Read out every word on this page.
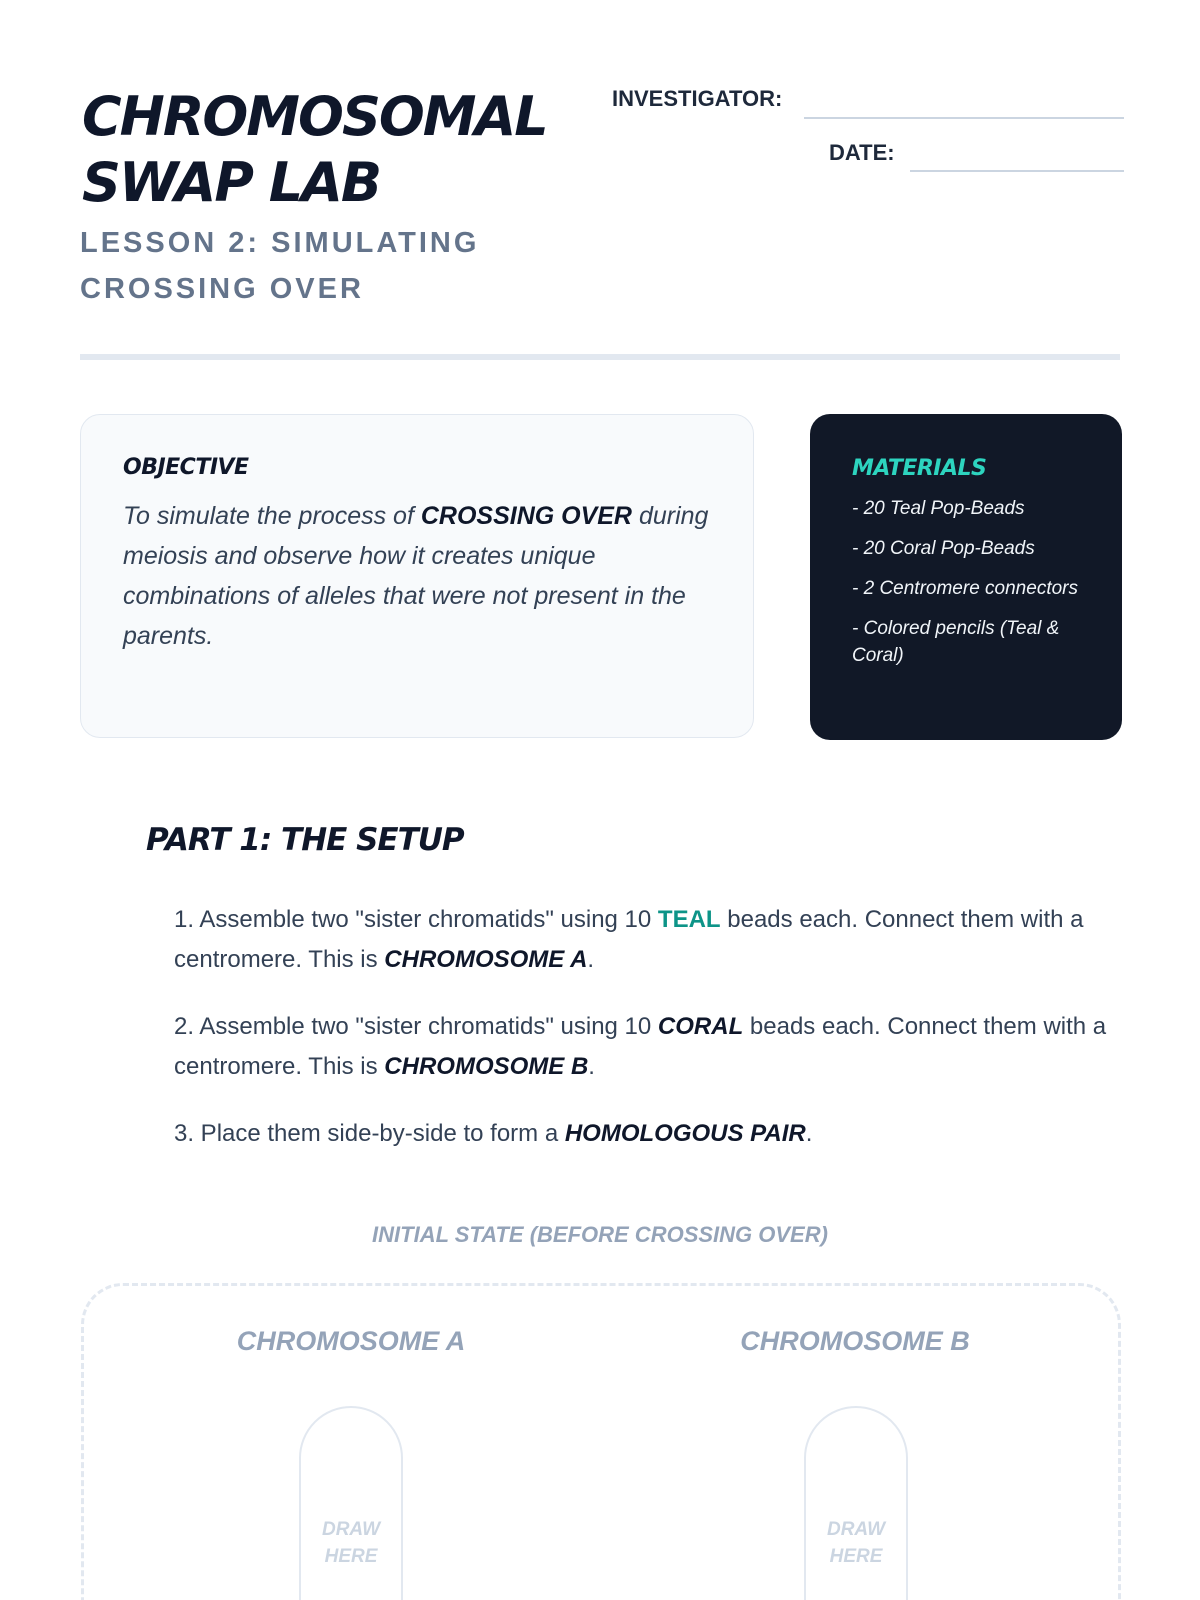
CHROMOSOMAL
SWAP LAB
LESSON 2: SIMULATING
CROSSING OVER
INVESTIGATOR:
DATE:
OBJECTIVE

To simulate the process of CROSSING OVER during meiosis and observe how it creates unique combinations of alleles that were not present in the parents.

MATERIALS
- 20 Teal Pop-Beads
- 20 Coral Pop-Beads
- 2 Centromere connectors
- Colored pencils (Teal & Coral)
PART 1: THE SETUP

1. Assemble two "sister chromatids" using 10 TEAL beads each. Connect them with a centromere. This is CHROMOSOME A.

2. Assemble two "sister chromatids" using 10 CORAL beads each. Connect them with a centromere. This is CHROMOSOME B.

3. Place them side-by-side to form a HOMOLOGOUS PAIR.

INITIAL STATE (BEFORE CROSSING OVER)
CHROMOSOME A
DRAW
HERE
CHROMOSOME B
DRAW
HERE
